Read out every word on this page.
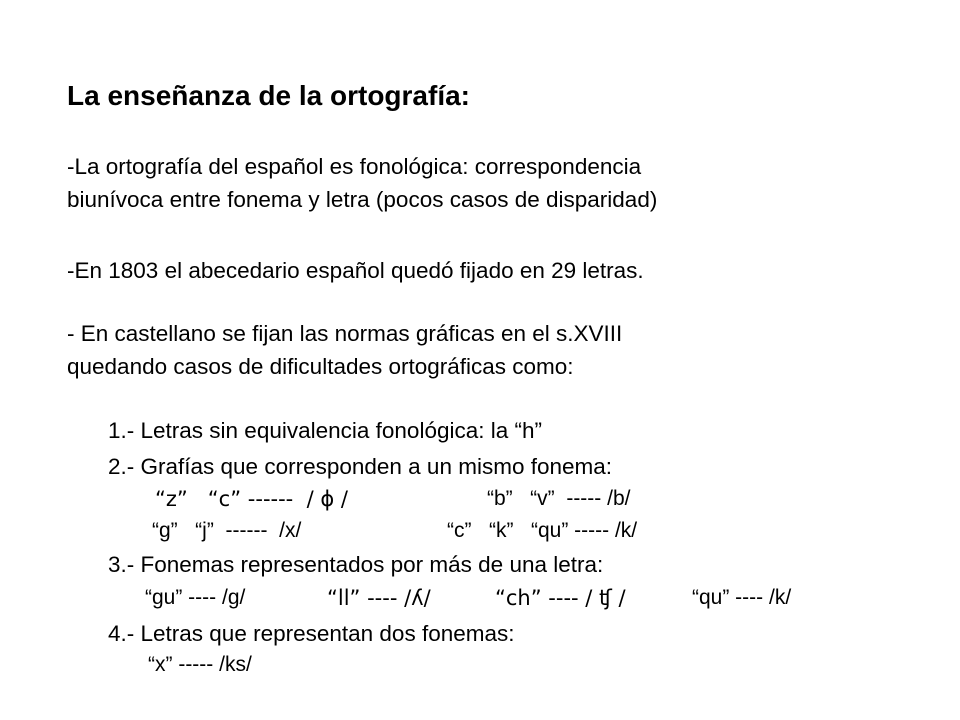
La enseñanza de la ortografía:
-La ortografía del español es fonológica: correspondencia
biunívoca entre fonema y letra (pocos casos de disparidad)
-En 1803 el abecedario español quedó fijado en 29 letras.
- En castellano se fijan las normas gráficas en el s.XVIII
quedando casos de dificultades ortográficas como:
1.- Letras sin equivalencia fonológica: la “h”
2.- Grafías que corresponden a un mismo fonema:
“z”   “c” ------  / ɸ /	“b”   “v”  ----- /b/
“g”   “j”  ------  /x/	“c”   “k”   “qu” ----- /k/
3.- Fonemas representados por más de una letra:
“gu” ---- /g/	“ll” ---- /ʎ/	“ch” ---- / ʧ /	“qu” ---- /k/
4.- Letras que representan dos fonemas:
“x” ----- /ks/
